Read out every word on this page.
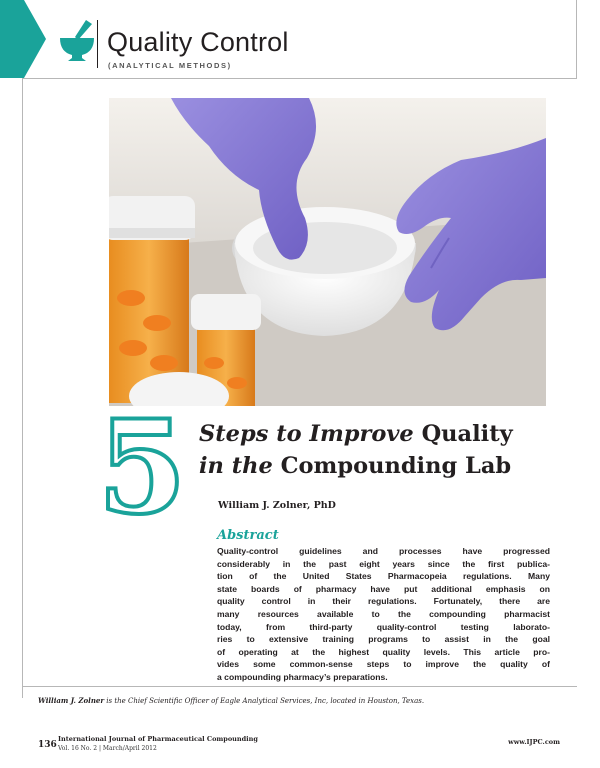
Quality Control
(ANALYTICAL METHODS)
5 Steps to Improve Quality
in the Compounding Lab
William J. Zolner, PhD
Abstract
Quality-control guidelines and processes have progressed
considerably in the past eight years since the first publica-
tion of the United States Pharmacopeia regulations. Many
state boards of pharmacy have put additional emphasis on
quality control in their regulations. Fortunately, there are
many resources available to the compounding pharmacist
today, from third-party quality-control testing laborato-
ries to extensive training programs to assist in the goal
of operating at the highest quality levels. This article pro-
vides some common-sense steps to improve the quality of
a compounding pharmacy’s preparations.
William J. Zolner is the Chief Scientific Officer of Eagle Analytical Services, Inc, located in Houston, Texas.
136
International Journal of Pharmaceutical Compounding
Vol. 16 No. 2 | March/April 2012
www.IJPC.com
